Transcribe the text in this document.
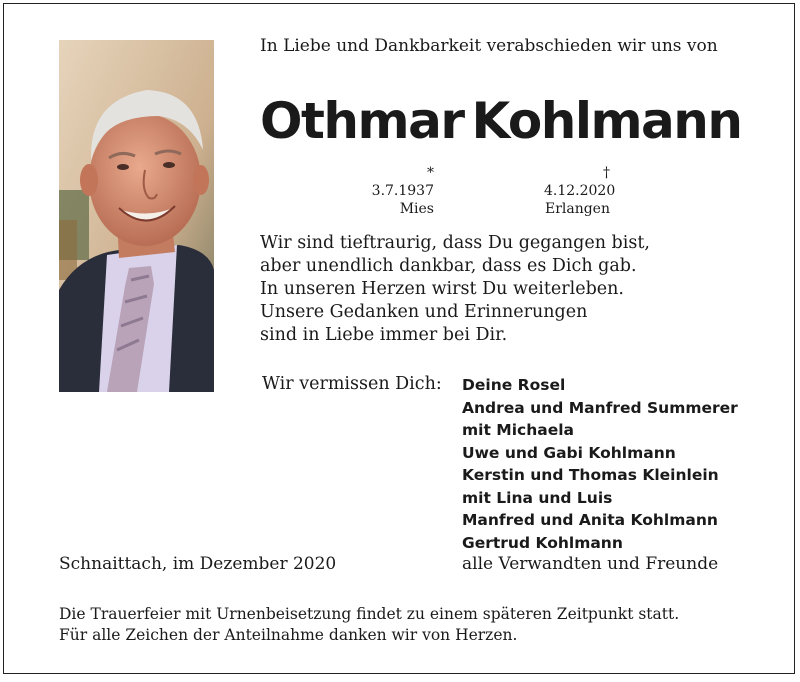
In Liebe und Dankbarkeit verabschieden wir uns von
Othmar Kohlmann
* 3.7.1937
Mies
† 4.12.2020
Erlangen
Wir sind tieftraurig, dass Du gegangen bist,
aber unendlich dankbar, dass es Dich gab.
In unseren Herzen wirst Du weiterleben.
Unsere Gedanken und Erinnerungen
sind in Liebe immer bei Dir.
Wir vermissen Dich: Deine Rosel
Andrea und Manfred Summerer
mit Michaela
Uwe und Gabi Kohlmann
Kerstin und Thomas Kleinlein
mit Lina und Luis
Manfred und Anita Kohlmann
Gertrud Kohlmann
Schnaittach, im Dezember 2020	alle Verwandten und Freunde
Die Trauerfeier mit Urnenbeisetzung findet zu einem späteren Zeitpunkt statt.
Für alle Zeichen der Anteilnahme danken wir von Herzen.
